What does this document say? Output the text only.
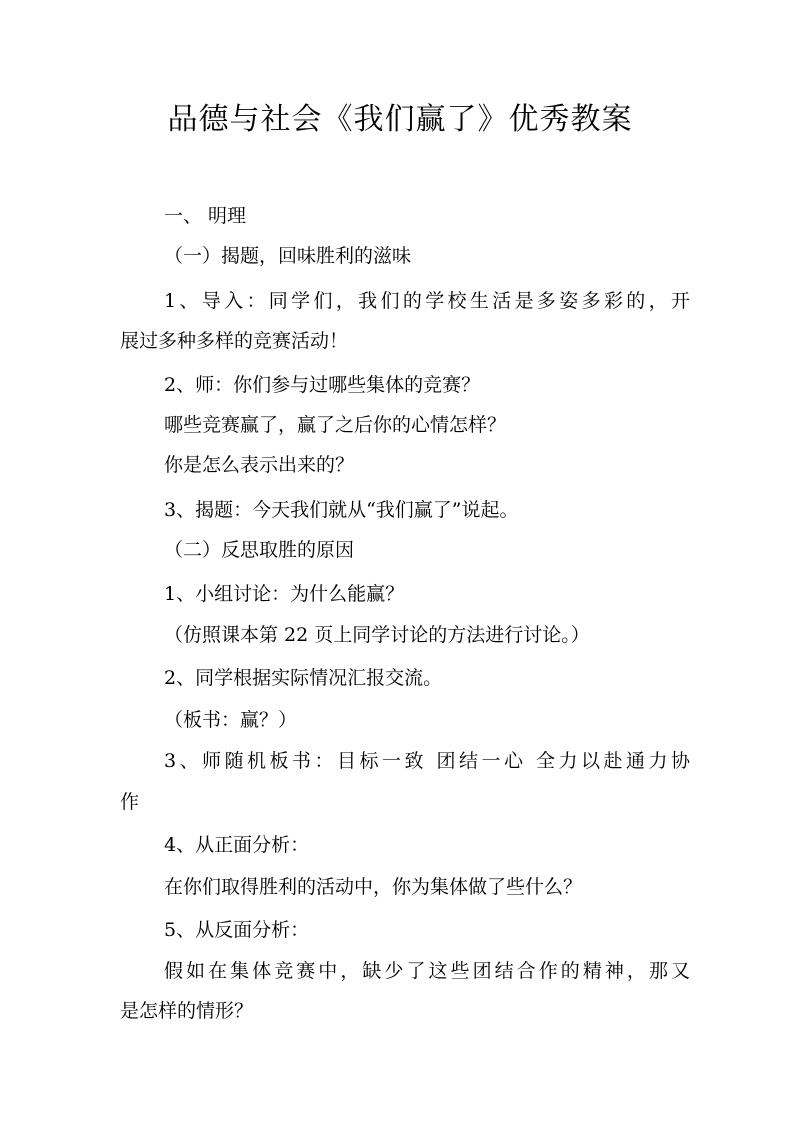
品德与社会《我们赢了》优秀教案

一、 明理

（一）揭题，回味胜利的滋味

1、导入：同学们，我们的学校生活是多姿多彩的，开

展过多种多样的竞赛活动！

2、师：你们参与过哪些集体的竞赛？

哪些竞赛赢了，赢了之后你的心情怎样？

你是怎么表示出来的？

3、揭题：今天我们就从“我们赢了”说起。

（二）反思取胜的原因

1、小组讨论：为什么能赢？

（仿照课本第 22 页上同学讨论的方法进行讨论。）

2、同学根据实际情况汇报交流。

（板书：赢？）

3、师随机板书：目标一致 团结一心 全力以赴通力协

作

4、从正面分析：

在你们取得胜利的活动中，你为集体做了些什么？

5、从反面分析：

假如在集体竞赛中，缺少了这些团结合作的精神，那又

是怎样的情形？
